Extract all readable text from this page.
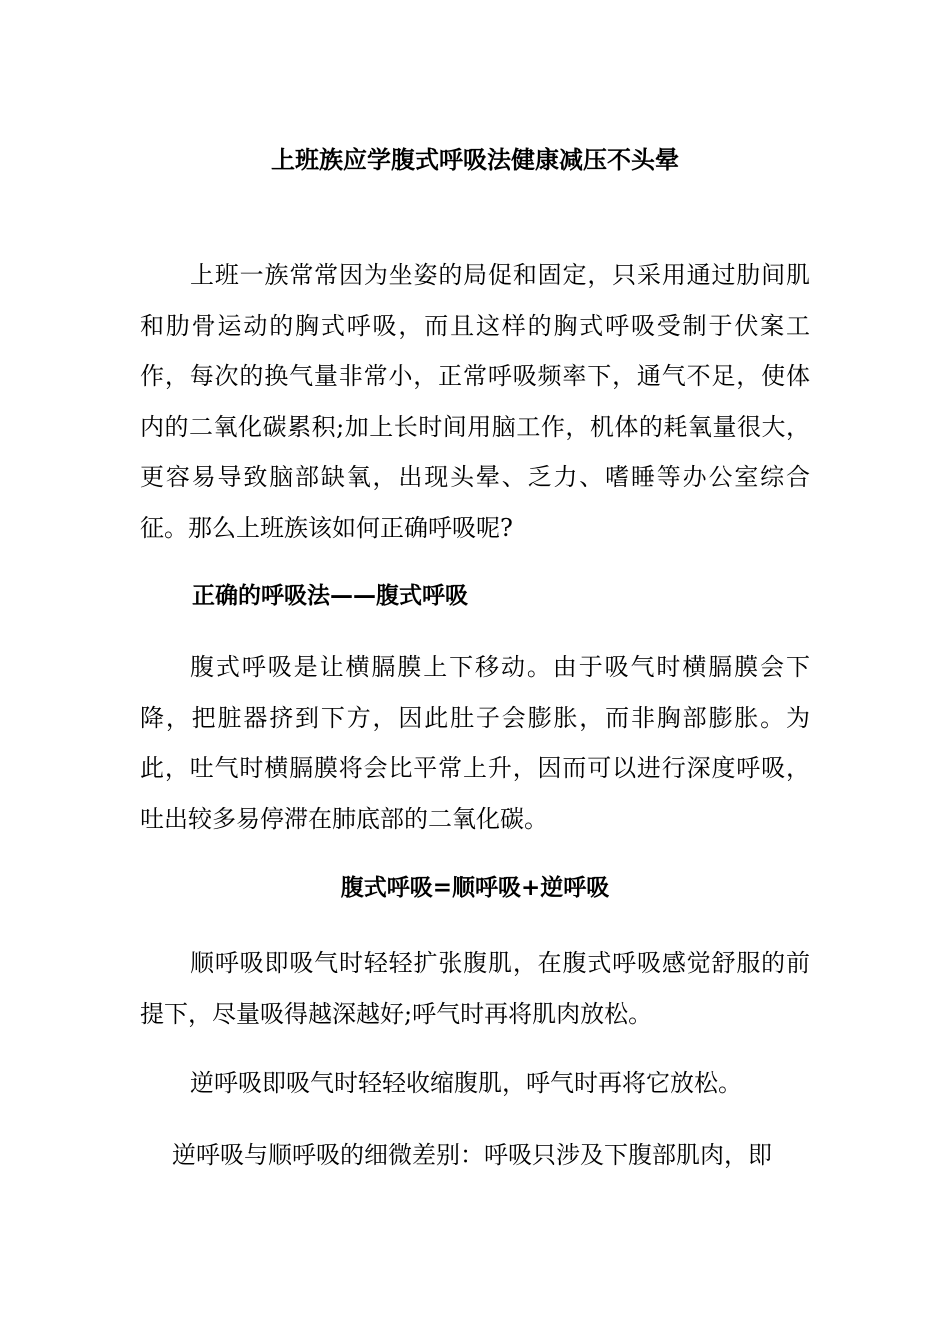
上班族应学腹式呼吸法健康减压不头晕

上班一族常常因为坐姿的局促和固定，只采用通过肋间肌和肋骨运动的胸式呼吸，而且这样的胸式呼吸受制于伏案工作，每次的换气量非常小，正常呼吸频率下，通气不足，使体内的二氧化碳累积;加上长时间用脑工作，机体的耗氧量很大，更容易导致脑部缺氧，出现头晕、乏力、嗜睡等办公室综合征。那么上班族该如何正确呼吸呢?

正确的呼吸法——腹式呼吸

腹式呼吸是让横膈膜上下移动。由于吸气时横膈膜会下降，把脏器挤到下方，因此肚子会膨胀，而非胸部膨胀。为此，吐气时横膈膜将会比平常上升，因而可以进行深度呼吸，吐出较多易停滞在肺底部的二氧化碳。

腹式呼吸=顺呼吸+逆呼吸

顺呼吸即吸气时轻轻扩张腹肌，在腹式呼吸感觉舒服的前提下，尽量吸得越深越好;呼气时再将肌肉放松。

逆呼吸即吸气时轻轻收缩腹肌，呼气时再将它放松。

逆呼吸与顺呼吸的细微差别：呼吸只涉及下腹部肌肉，即
